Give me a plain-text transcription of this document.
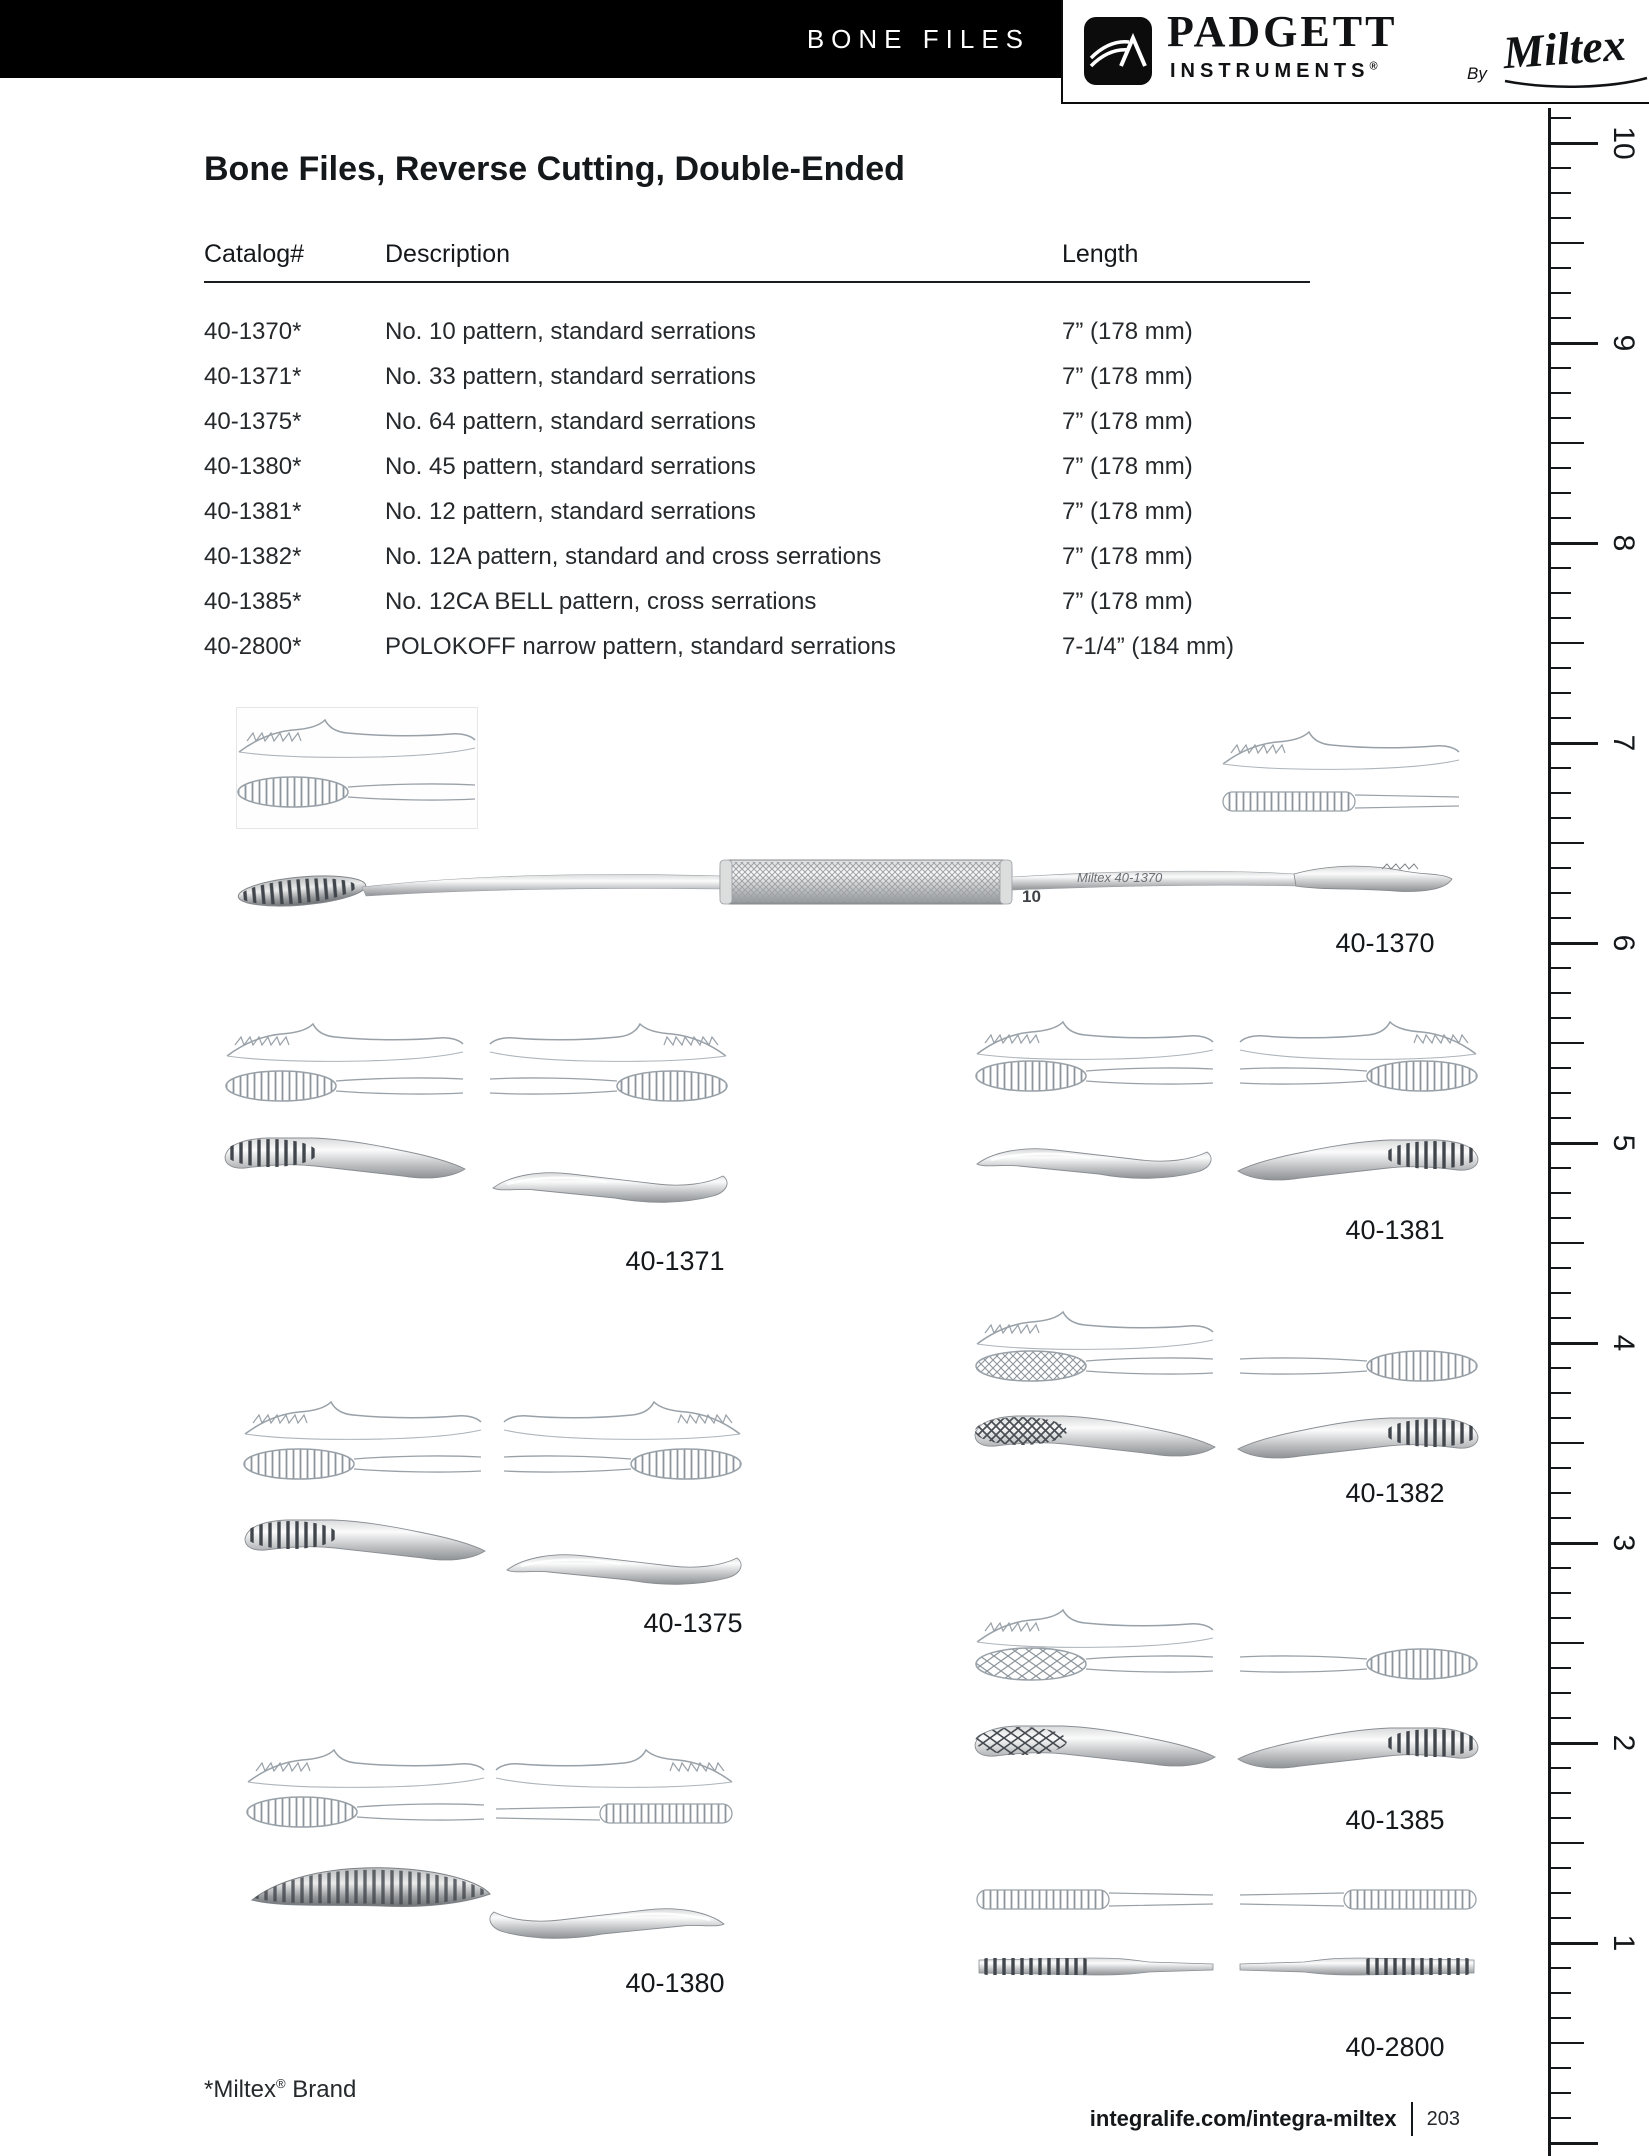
BONE FILES	PADGETT
INSTRUMENTS®	By Miltex
Bone Files, Reverse Cutting, Double-Ended
Catalog#	Description	Length
40-1370*	No. 10 pattern, standard serrations	7” (178 mm)
40-1371*	No. 33 pattern, standard serrations	7” (178 mm)
40-1375*	No. 64 pattern, standard serrations	7” (178 mm)
40-1380*	No. 45 pattern, standard serrations	7” (178 mm)
40-1381*	No. 12 pattern, standard serrations	7” (178 mm)
40-1382*	No. 12A pattern, standard and cross serrations	7” (178 mm)
40-1385*	No. 12CA BELL pattern, cross serrations	7” (178 mm)
40-2800*	POLOKOFF narrow pattern, standard serrations	7-1/4” (184 mm)
Miltex 40-1370
10
40-1370
40-1371
40-1381
40-1375
40-1382
40-1385
40-1380
40-2800
*Miltex® Brand
integralife.com/integra-miltex 203
10
9
8
7
6
5
4
3
2
1
